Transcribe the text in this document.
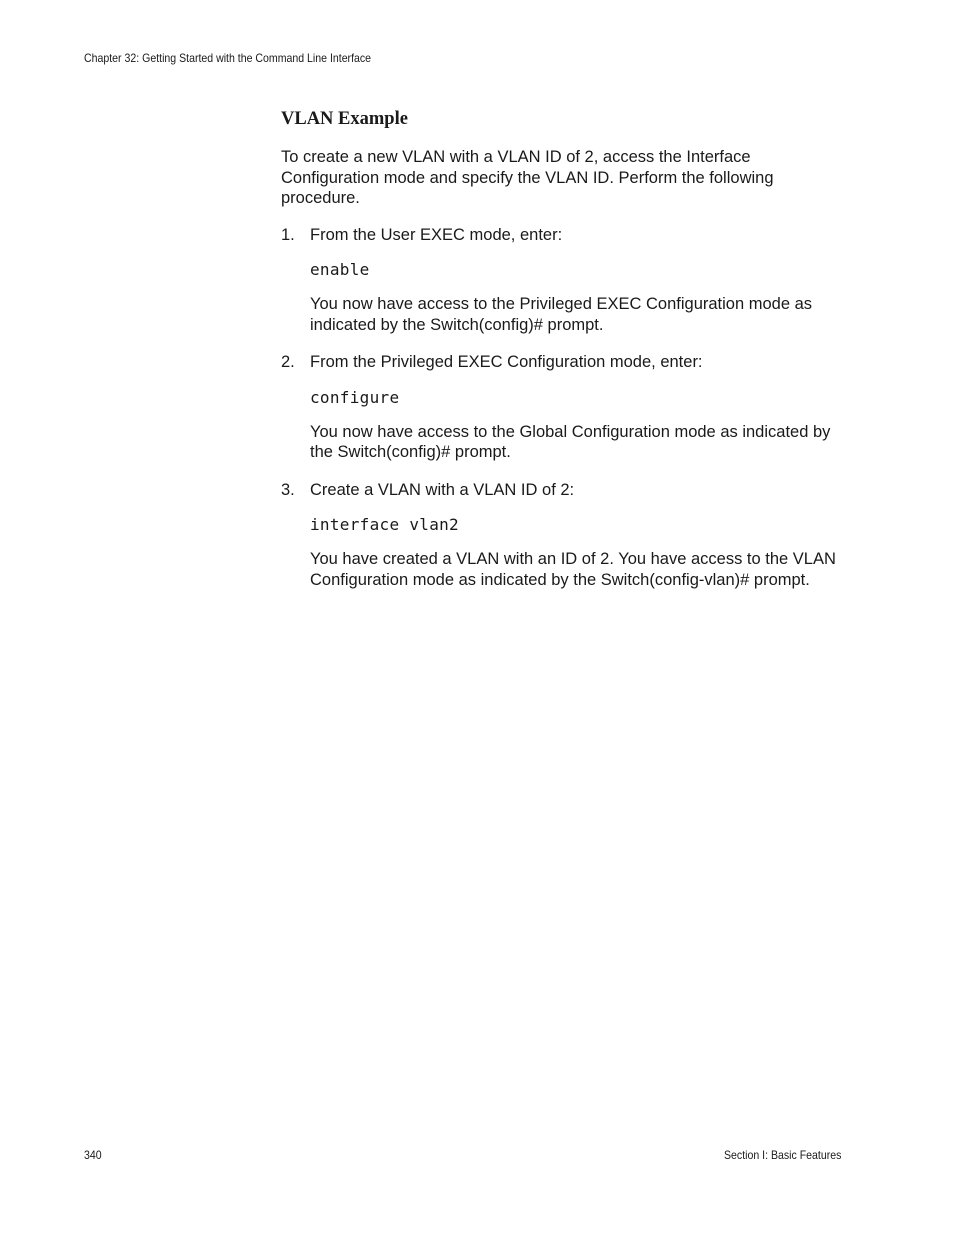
Chapter 32: Getting Started with the Command Line Interface
VLAN Example
To create a new VLAN with a VLAN ID of 2, access the Interface Configuration mode and specify the VLAN ID. Perform the following procedure.
1. From the User EXEC mode, enter:
enable
You now have access to the Privileged EXEC Configuration mode as indicated by the Switch(config)# prompt.
2. From the Privileged EXEC Configuration mode, enter:
configure
You now have access to the Global Configuration mode as indicated by the Switch(config)# prompt.
3. Create a VLAN with a VLAN ID of 2:
interface vlan2
You have created a VLAN with an ID of 2. You have access to the VLAN Configuration mode as indicated by the Switch(config-vlan)# prompt.
340	Section I: Basic Features
